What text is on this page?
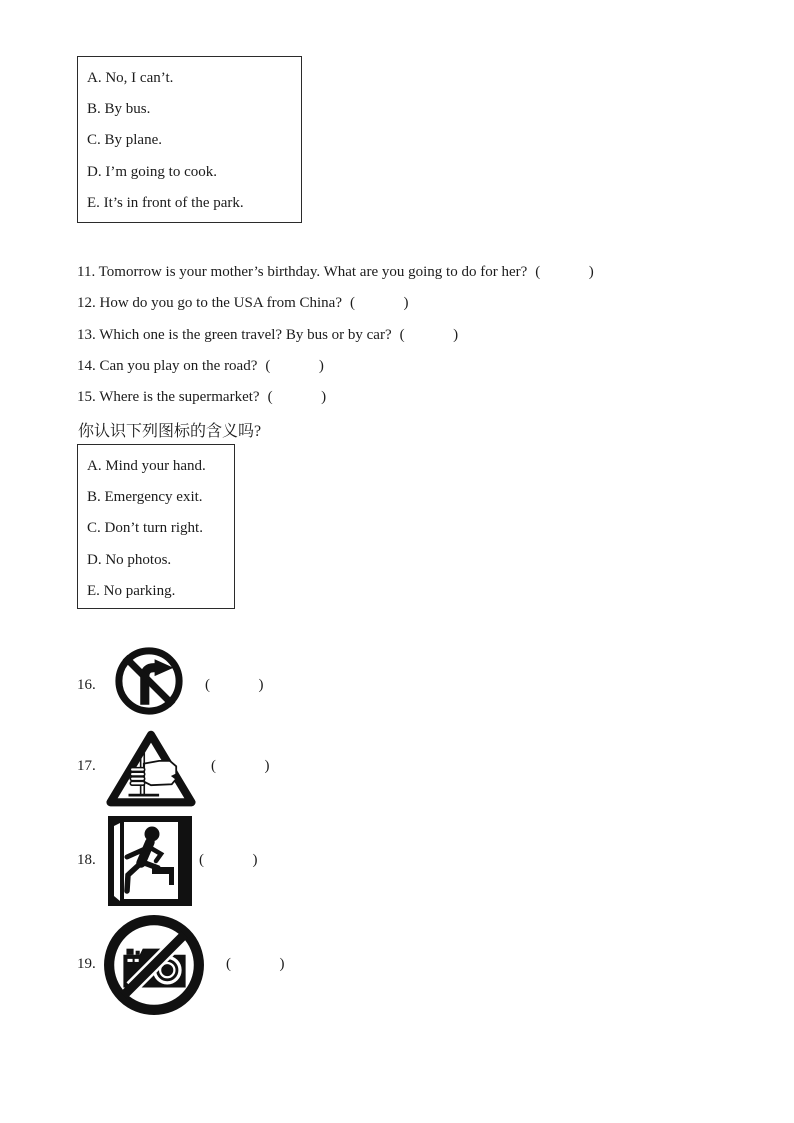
A. No, I can’t.

B. By bus.

C. By plane.

D. I’m going to cook.

E. It’s in front of the park.

11. Tomorrow is your mother’s birthday. What are you going to do for her? (          )
12. How do you go to the USA from China? (          )
13. Which one is the green travel? By bus or by car? (          )
14. Can you play on the road? (          )
15. Where is the supermarket? (          )
你认识下列图标的含义吗?

A. Mind your hand.

B. Emergency exit.

C. Don’t turn right.

D. No photos.

E. No parking.

16.	(          )
17.	(          )
18.	(          )
19.	(          )
